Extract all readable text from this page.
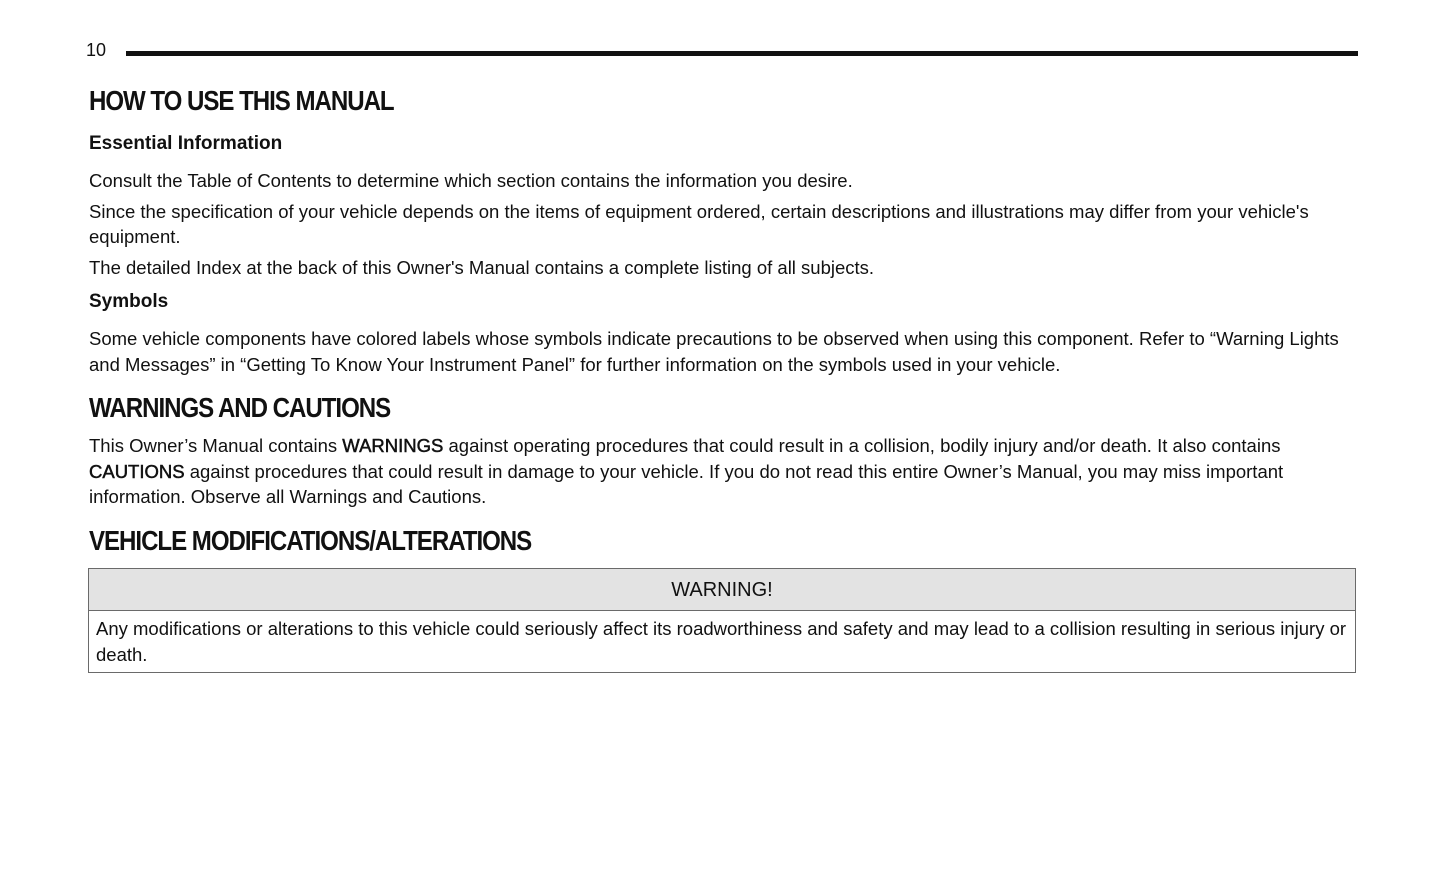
10
HOW TO USE THIS MANUAL
Essential Information

Consult the Table of Contents to determine which section contains the information you desire.

Since the specification of your vehicle depends on the items of equipment ordered, certain descriptions and illustrations may differ from your vehicle's equipment.

The detailed Index at the back of this Owner's Manual contains a complete listing of all subjects.

Symbols

Some vehicle components have colored labels whose symbols indicate precautions to be observed when using this component. Refer to “Warning Lights and Messages” in “Getting To Know Your Instrument Panel” for further information on the symbols used in your vehicle.

WARNINGS AND CAUTIONS

This Owner’s Manual contains WARNINGS against operating procedures that could result in a collision, bodily injury and/or death. It also contains CAUTIONS against procedures that could result in damage to your vehicle. If you do not read this entire Owner’s Manual, you may miss important information. Observe all Warnings and Cautions.

VEHICLE MODIFICATIONS/ALTERATIONS
WARNING!
Any modifications or alterations to this vehicle could seriously affect its roadworthiness and safety and may lead to a collision resulting in serious injury or death.
